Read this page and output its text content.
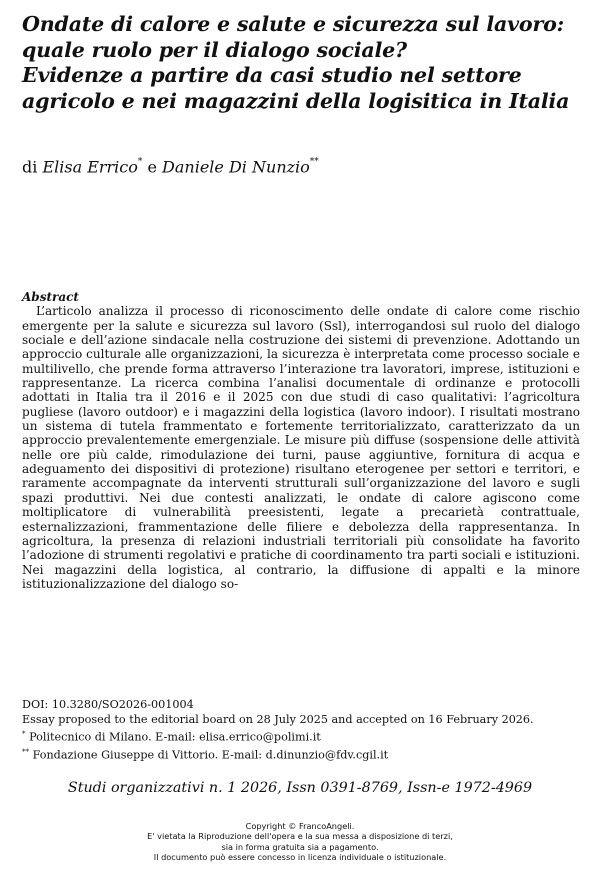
Ondate di calore e salute e sicurezza sul lavoro:
quale ruolo per il dialogo sociale?
Evidenze a partire da casi studio nel settore
agricolo e nei magazzini della logisitica in Italia
di Elisa Errico* e Daniele Di Nunzio**
Abstract

L’articolo analizza il processo di riconoscimento delle ondate di calore come rischio emergente per la salute e sicurezza sul lavoro (Ssl), interrogandosi sul ruolo del dialogo sociale e dell’azione sindacale nella costruzione dei sistemi di prevenzione. Adottando un approccio culturale alle organizzazioni, la sicurezza è interpretata come processo sociale e multilivello, che prende forma attraverso l’interazione tra lavoratori, imprese, istituzioni e rappresentanze. La ricerca combina l’analisi documentale di ordinanze e protocolli adottati in Italia tra il 2016 e il 2025 con due studi di caso qualitativi: l’agricoltura pugliese (lavoro outdoor) e i magazzini della logistica (lavoro indoor). I risultati mostrano un sistema di tutela frammentato e fortemente territorializzato, caratterizzato da un approccio prevalentemente emergenziale. Le misure più diffuse (sospensione delle attività nelle ore più calde, rimodulazione dei turni, pause aggiuntive, fornitura di acqua e adeguamento dei dispositivi di protezione) risultano eterogenee per settori e territori, e raramente accompagnate da interventi strutturali sull’organizzazione del lavoro e sugli spazi produttivi. Nei due contesti analizzati, le ondate di calore agiscono come moltiplicatore di vulnerabilità preesistenti, legate a precarietà contrattuale, esternalizzazioni, frammentazione delle filiere e debolezza della rappresentanza. In agricoltura, la presenza di relazioni industriali territoriali più consolidate ha favorito l’adozione di strumenti regolativi e pratiche di coordinamento tra parti sociali e istituzioni. Nei magazzini della logistica, al contrario, la diffusione di appalti e la minore istituzionalizzazione del dialogo so-

DOI: 10.3280/SO2026-001004
Essay proposed to the editorial board on 28 July 2025 and accepted on 16 February 2026.
* Politecnico di Milano. E-mail: elisa.errico@polimi.it
** Fondazione Giuseppe di Vittorio. E-mail: d.dinunzio@fdv.cgil.it
Studi organizzativi n. 1 2026, Issn 0391-8769, Issn-e 1972-4969
Copyright © FrancoAngeli.
E' vietata la Riproduzione dell'opera e la sua messa a disposizione di terzi,
sia in forma gratuita sia a pagamento.
Il documento può essere concesso in licenza individuale o istituzionale.
